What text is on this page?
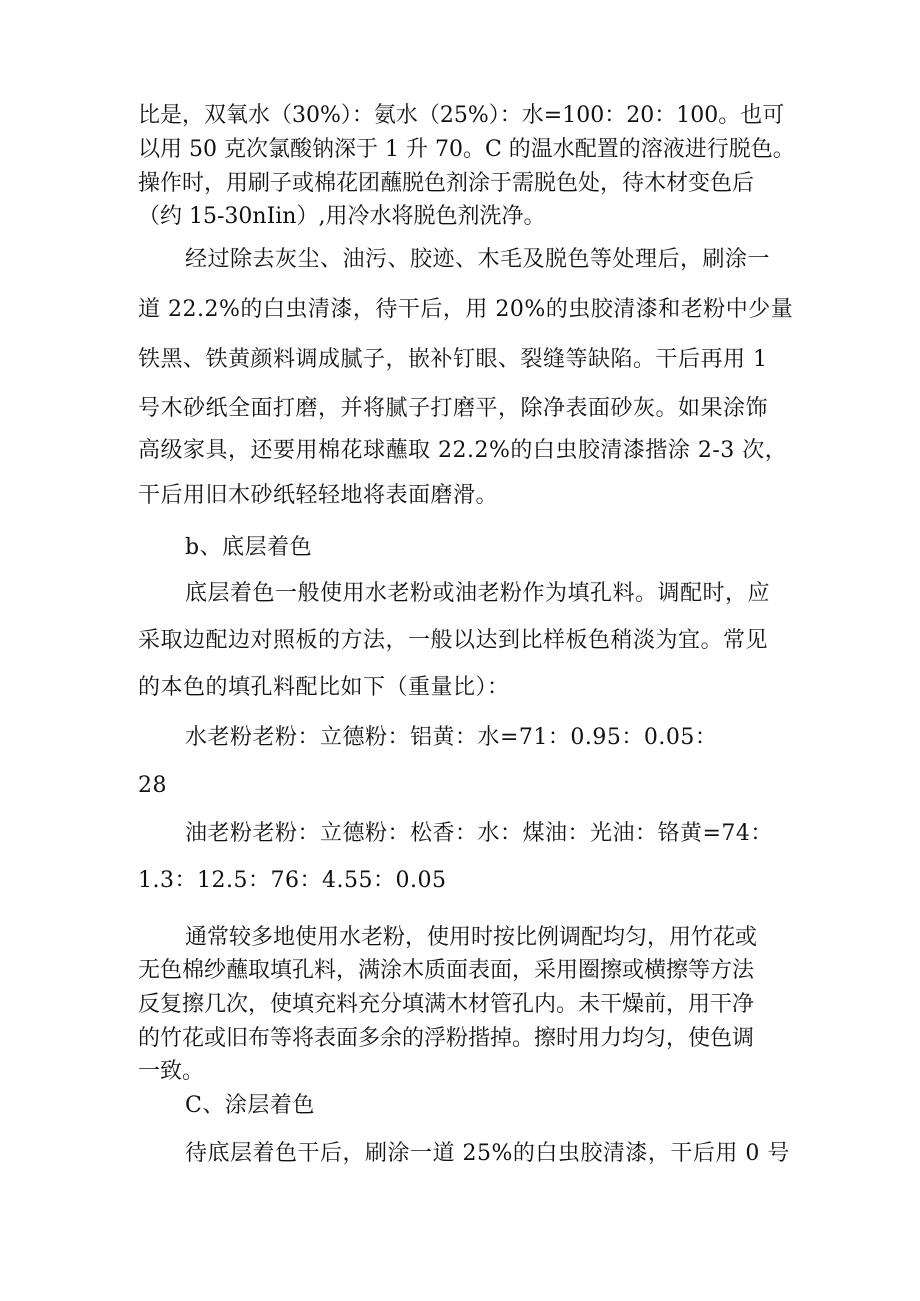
比是，双氧水（30%）：氨水（25%）：水=100：20：100。也可
以用 50 克次氯酸钠深于 1 升 70。C 的温水配置的溶液进行脱色。
操作时，用刷子或棉花团蘸脱色剂涂于需脱色处，待木材变色后
（约 15-30nIin）,用冷水将脱色剂洗净。
经过除去灰尘、油污、胶迹、木毛及脱色等处理后，刷涂一
道 22.2%的白虫清漆，待干后，用 20%的虫胶清漆和老粉中少量
铁黑、铁黄颜料调成腻子，嵌补钉眼、裂缝等缺陷。干后再用 1
号木砂纸全面打磨，并将腻子打磨平，除净表面砂灰。如果涂饰
高级家具，还要用棉花球蘸取 22.2%的白虫胶清漆揩涂 2-3 次，
干后用旧木砂纸轻轻地将表面磨滑。
b、底层着色
底层着色一般使用水老粉或油老粉作为填孔料。调配时，应
采取边配边对照板的方法，一般以达到比样板色稍淡为宜。常见
的本色的填孔料配比如下（重量比）：
水老粉老粉：立德粉：铝黄：水=71：0.95：0.05：
28
油老粉老粉：立德粉：松香：水：煤油：光油：铬黄=74：
1.3：12.5：76：4.55：0.05
通常较多地使用水老粉，使用时按比例调配均匀，用竹花或
无色棉纱蘸取填孔料，满涂木质面表面，采用圈擦或横擦等方法
反复擦几次，使填充料充分填满木材管孔内。未干燥前，用干净
的竹花或旧布等将表面多余的浮粉揩掉。擦时用力均匀，使色调
一致。
C、涂层着色
待底层着色干后，刷涂一道 25%的白虫胶清漆，干后用 0 号
